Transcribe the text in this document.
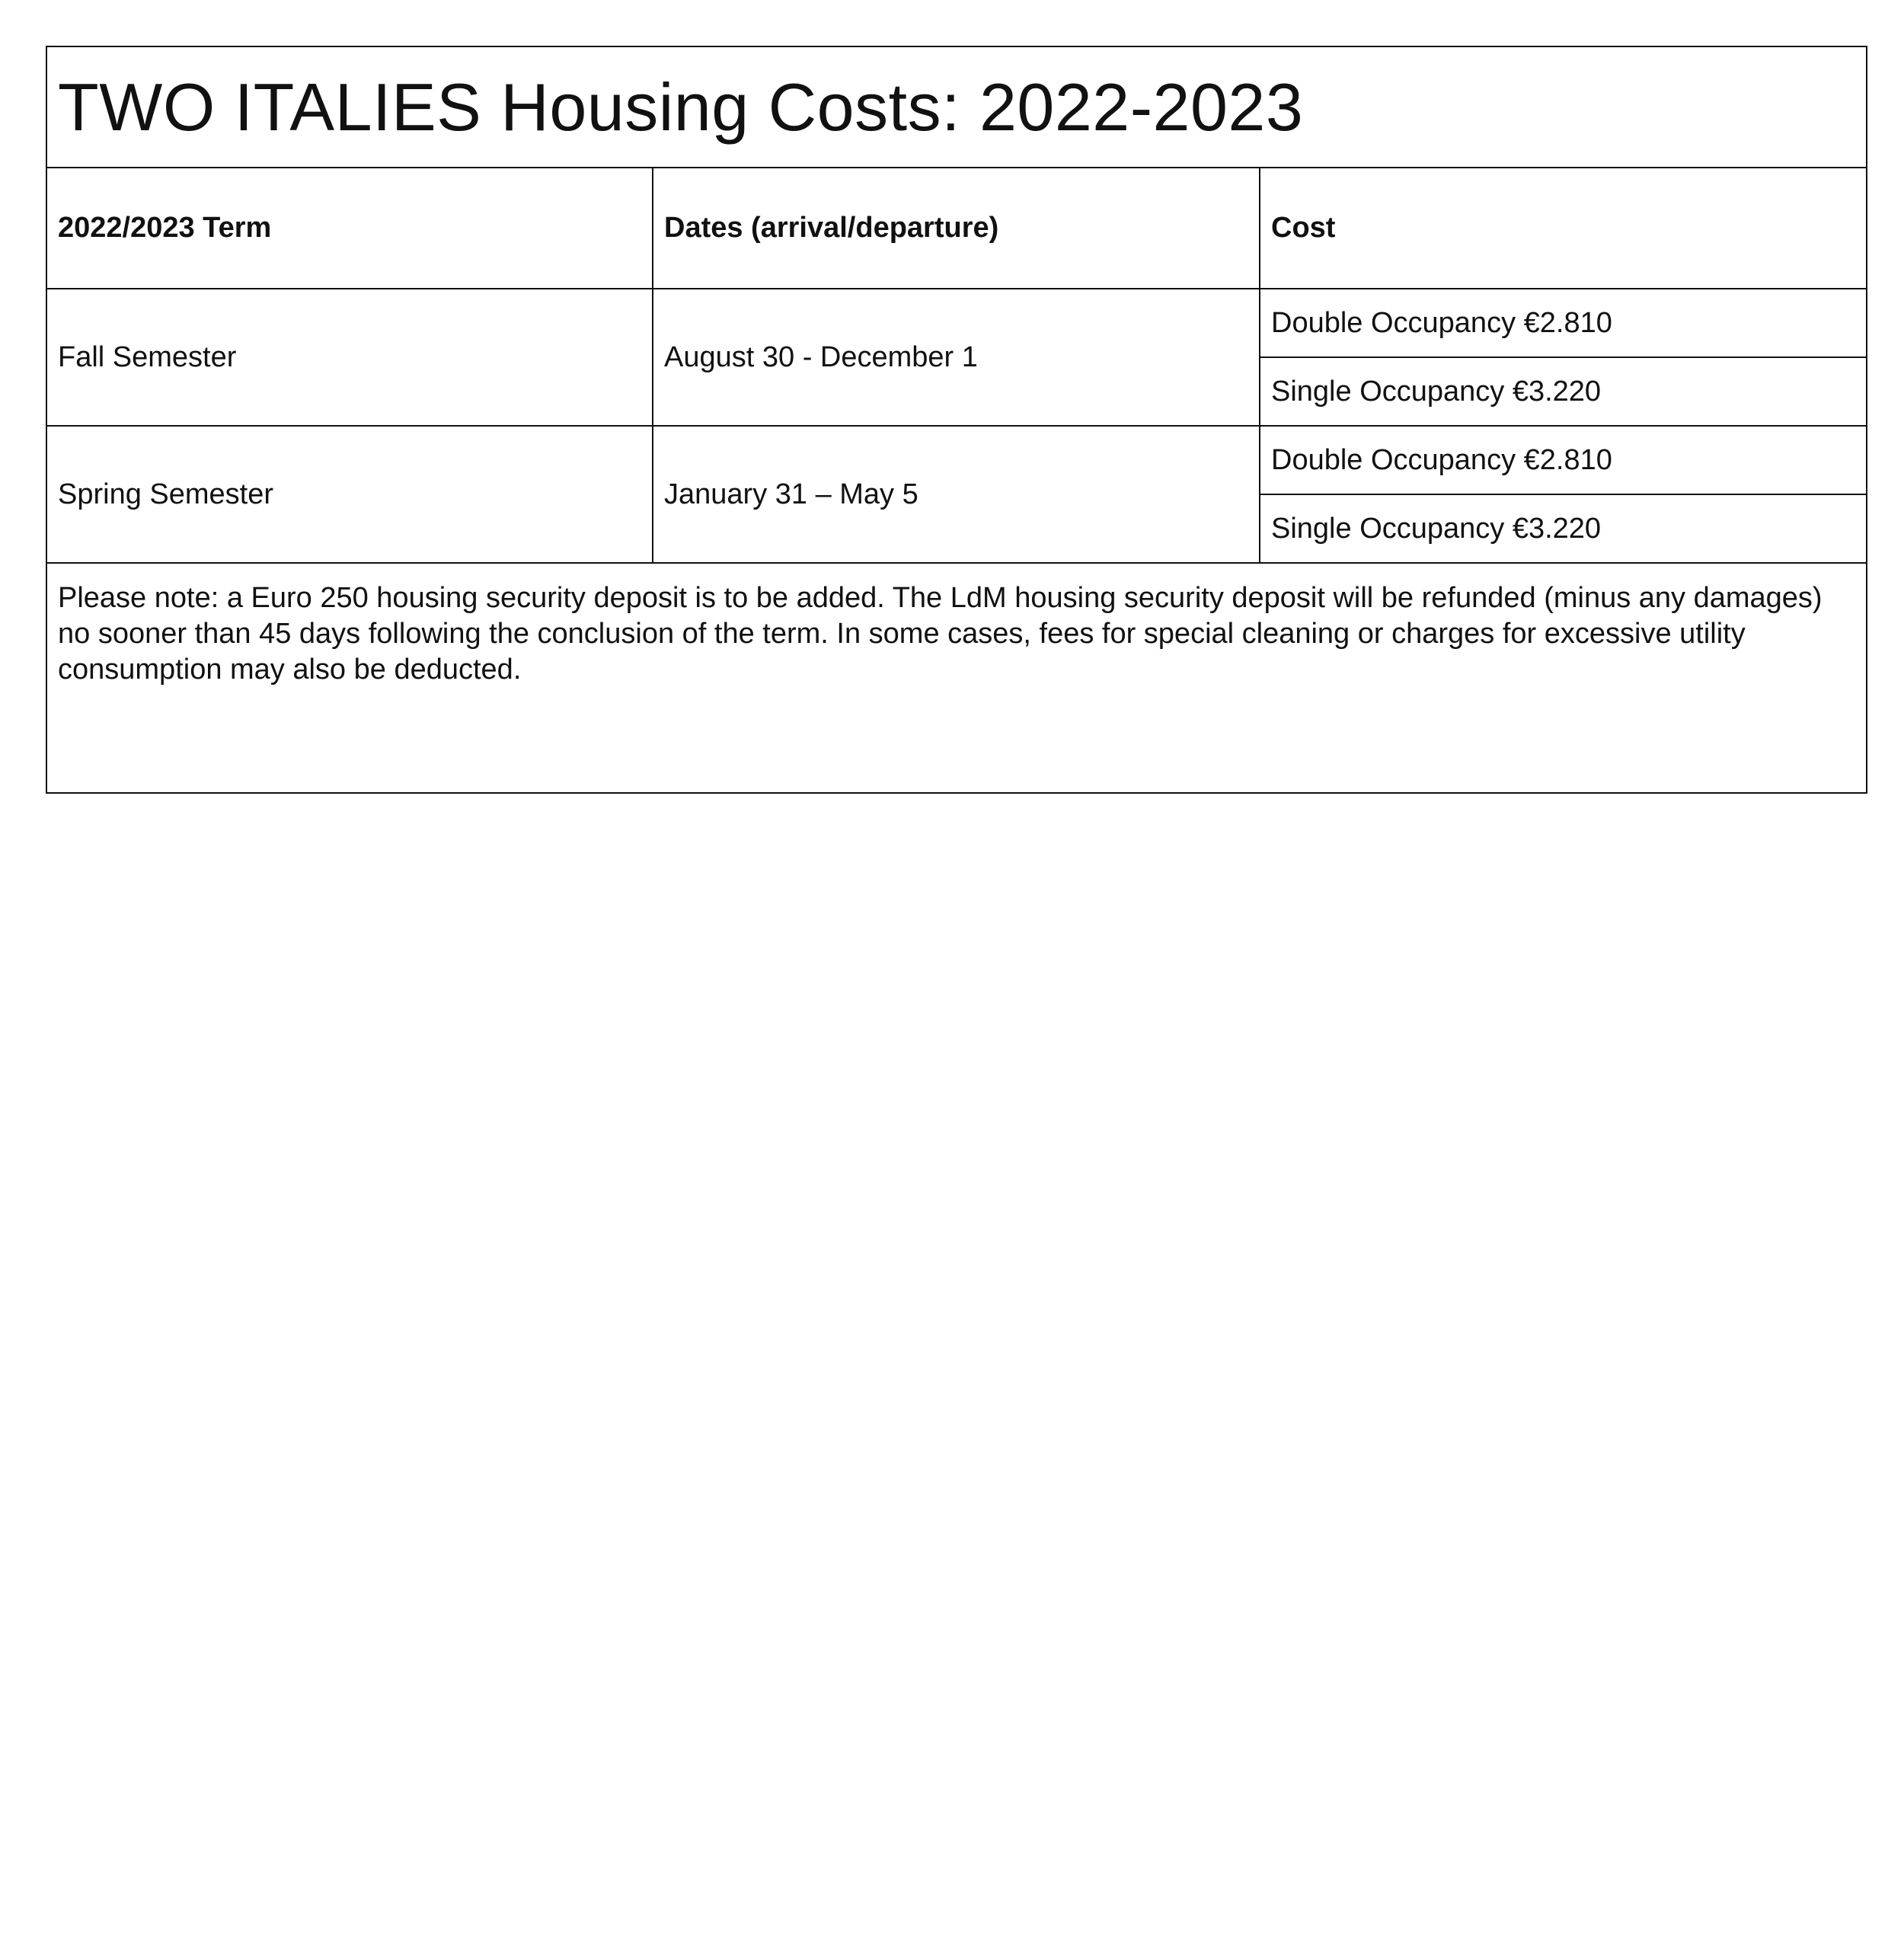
TWO ITALIES Housing Costs: 2022-2023		
2022/2023 Term	Dates (arrival/departure)	Cost
Fall Semester	August 30 - December 1	Double Occupancy €2.810
		Single Occupancy €3.220
Spring Semester	January 31 – May 5	Double Occupancy €2.810
		Single Occupancy €3.220
Please note: a Euro 250 housing security deposit is to be added. The LdM housing security deposit will be refunded (minus any damages) no sooner than 45 days following the conclusion of the term. In some cases, fees for special cleaning or charges for excessive utility consumption may also be deducted.		
